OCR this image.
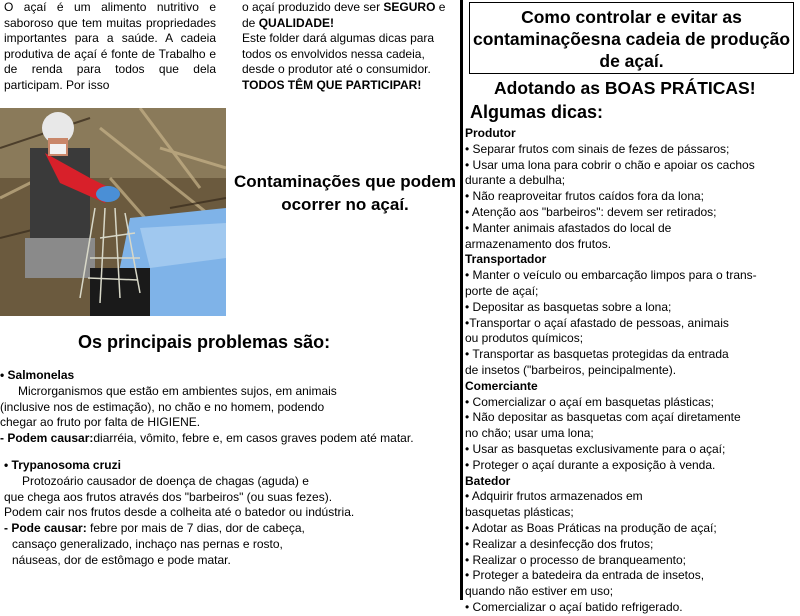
O açaí é um alimento nutritivo e saboroso que tem muitas propriedades importantes para a saúde. A cadeia produtiva de açaí é fonte de Trabalho e de renda para todos que dela participam. Por isso
o açaí produzido deve ser SEGURO e de QUALIDADE!
Este folder dará algumas dicas para todos os envolvidos nessa cadeia, desde o produtor até o consumidor.
TODOS TÊM QUE PARTICIPAR!
Contaminações que podem ocorrer no açaí.
Os principais problemas são:
• Salmonelas
Microrganismos que estão em ambientes sujos, em animais
(inclusive nos de estimação), no chão e no homem, podendo
chegar ao fruto por falta de HIGIENE.
- Podem causar:diarréia, vômito, febre e, em casos graves podem até matar.
• Trypanosoma cruzi
Protozoário causador de doença de chagas (aguda) e
que chega aos frutos através dos "barbeiros" (ou suas fezes).
Podem cair nos frutos desde a colheita até o batedor ou indústria.
- Pode causar: febre por mais de 7 dias, dor de cabeça,
cansaço generalizado, inchaço nas pernas e rosto,
náuseas, dor de estômago e pode matar.
Como controlar e evitar as contaminaçõesna cadeia de produção de açaí.
Adotando as BOAS PRÁTICAS!
Algumas dicas:
Produtor
• Separar frutos com sinais de fezes de pássaros;
• Usar uma lona para cobrir o chão e apoiar os cachos
durante a debulha;
• Não reaproveitar frutos caídos fora da lona;
• Atenção aos "barbeiros": devem ser retirados;
• Manter animais afastados do local de
armazenamento dos frutos.
Transportador
• Manter o veículo ou embarcação limpos para o trans-
porte de açaí;
• Depositar as basquetas sobre a lona;
•Transportar o açaí afastado de pessoas, animais
ou produtos químicos;
• Transportar as basquetas protegidas da entrada
de insetos ("barbeiros, peincipalmente).
Comerciante
• Comercializar o açaí em basquetas plásticas;
• Não depositar as basquetas com açaí diretamente
no chão; usar uma lona;
• Usar as basquetas exclusivamente para o açaí;
• Proteger o açaí durante a exposição à venda.
Batedor
• Adquirir frutos armazenados em
basquetas plásticas;
• Adotar as Boas Práticas na produção de açaí;
• Realizar a desinfecção dos frutos;
• Realizar o processo de branqueamento;
• Proteger a batedeira da entrada de insetos,
quando não estiver em uso;
• Comercializar o açaí batido refrigerado.
